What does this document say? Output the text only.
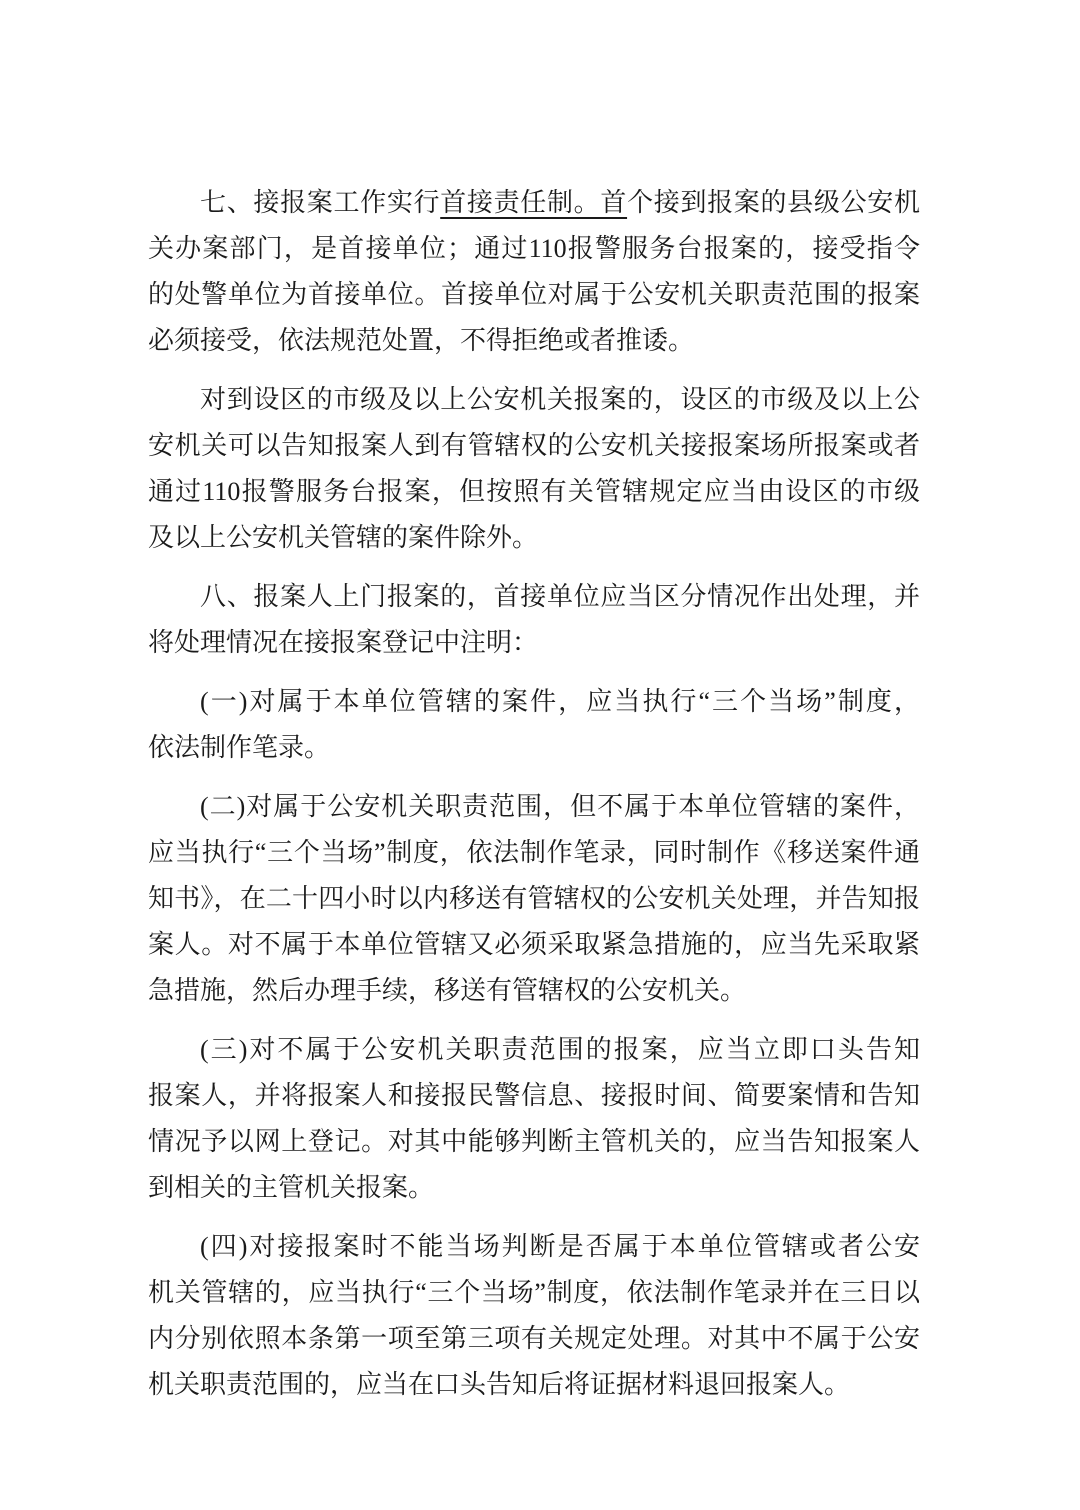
七、接报案工作实行首接责任制。首个接到报案的县级公安机
关办案部门，是首接单位；通过110报警服务台报案的，接受指令
的处警单位为首接单位。首接单位对属于公安机关职责范围的报案
必须接受，依法规范处置，不得拒绝或者推诿。

对到设区的市级及以上公安机关报案的，设区的市级及以上公
安机关可以告知报案人到有管辖权的公安机关接报案场所报案或者
通过110报警服务台报案，但按照有关管辖规定应当由设区的市级
及以上公安机关管辖的案件除外。

八、报案人上门报案的，首接单位应当区分情况作出处理，并
将处理情况在接报案登记中注明：

(一)对属于本单位管辖的案件，应当执行“三个当场”制度，
依法制作笔录。

(二)对属于公安机关职责范围，但不属于本单位管辖的案件，
应当执行“三个当场”制度，依法制作笔录，同时制作《移送案件通
知书》，在二十四小时以内移送有管辖权的公安机关处理，并告知报
案人。对不属于本单位管辖又必须采取紧急措施的，应当先采取紧
急措施，然后办理手续，移送有管辖权的公安机关。

(三)对不属于公安机关职责范围的报案，应当立即口头告知
报案人，并将报案人和接报民警信息、接报时间、简要案情和告知
情况予以网上登记。对其中能够判断主管机关的，应当告知报案人
到相关的主管机关报案。

(四)对接报案时不能当场判断是否属于本单位管辖或者公安
机关管辖的，应当执行“三个当场”制度，依法制作笔录并在三日以
内分别依照本条第一项至第三项有关规定处理。对其中不属于公安
机关职责范围的，应当在口头告知后将证据材料退回报案人。
